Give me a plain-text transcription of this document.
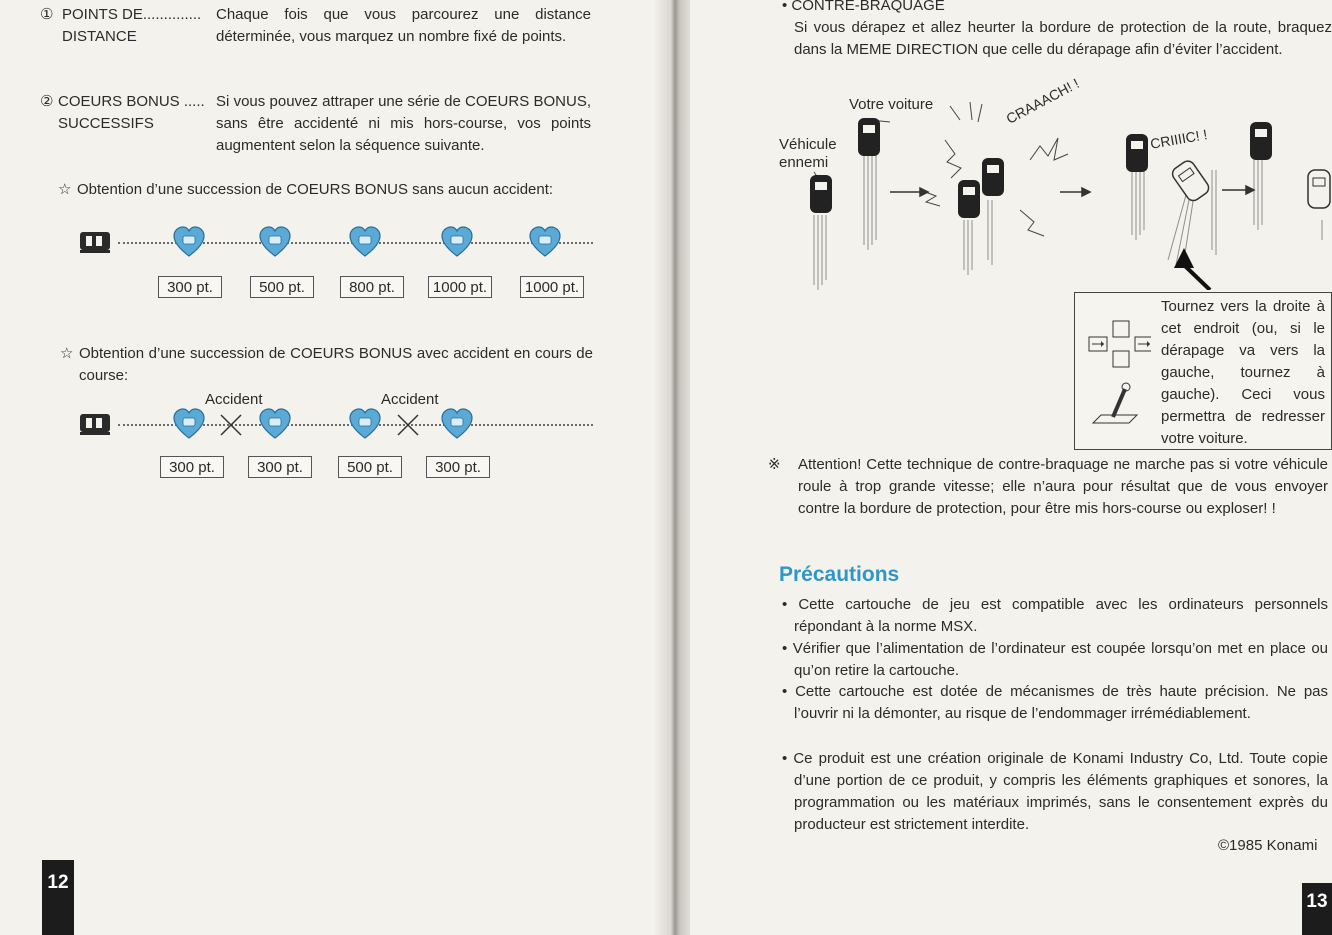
① POINTS DE..............
DISTANCE
Chaque fois que vous parcourez une distance déterminée, vous marquez un nombre fixé de points.
② COEURS BONUS .....
SUCCESSIFS
Si vous pouvez attraper une série de COEURS BONUS, sans être accidenté ni mis hors-course, vos points augmentent selon la séquence suivante.
☆ Obtention d’une succession de COEURS BONUS sans aucun accident:
300 pt.	500 pt.	800 pt.	1000 pt.	1000 pt.
☆ Obtention d’une succession de COEURS BONUS avec accident en cours de course:
Accident	Accident
300 pt.	300 pt.	500 pt.	300 pt.
12
• CONTRE-BRAQUAGE
Si vous dérapez et allez heurter la bordure de protection de la route, braquez dans la MEME DIRECTION que celle du dérapage afin d’éviter l’accident.
Votre voiture
Véhicule
ennemi
CRAAACH! !
CRIIIIC! !
Tournez vers la droite à cet endroit (ou, si le dérapage va vers la gauche, tournez à gauche). Ceci vous permettra de redresser votre voiture.
※ Attention! Cette technique de contre-braquage ne marche pas si votre véhicule roule à trop grande vitesse; elle n’aura pour résultat que de vous envoyer contre la bordure de protection, pour être mis hors-course ou exploser! !
Précautions
• Cette cartouche de jeu est compatible avec les ordinateurs personnels répondant à la norme MSX.
• Vérifier que l’alimentation de l’ordinateur est coupée lorsqu’on met en place ou qu’on retire la cartouche.
• Cette cartouche est dotée de mécanismes de très haute précision. Ne pas l’ouvrir ni la démonter, au risque de l’endommager irrémédiablement.
• Ce produit est une création originale de Konami Industry Co, Ltd. Toute copie d’une portion de ce produit, y compris les éléments graphiques et sonores, la programmation ou les matériaux imprimés, sans le consentement exprès du producteur est strictement interdite.
©1985 Konami
13
